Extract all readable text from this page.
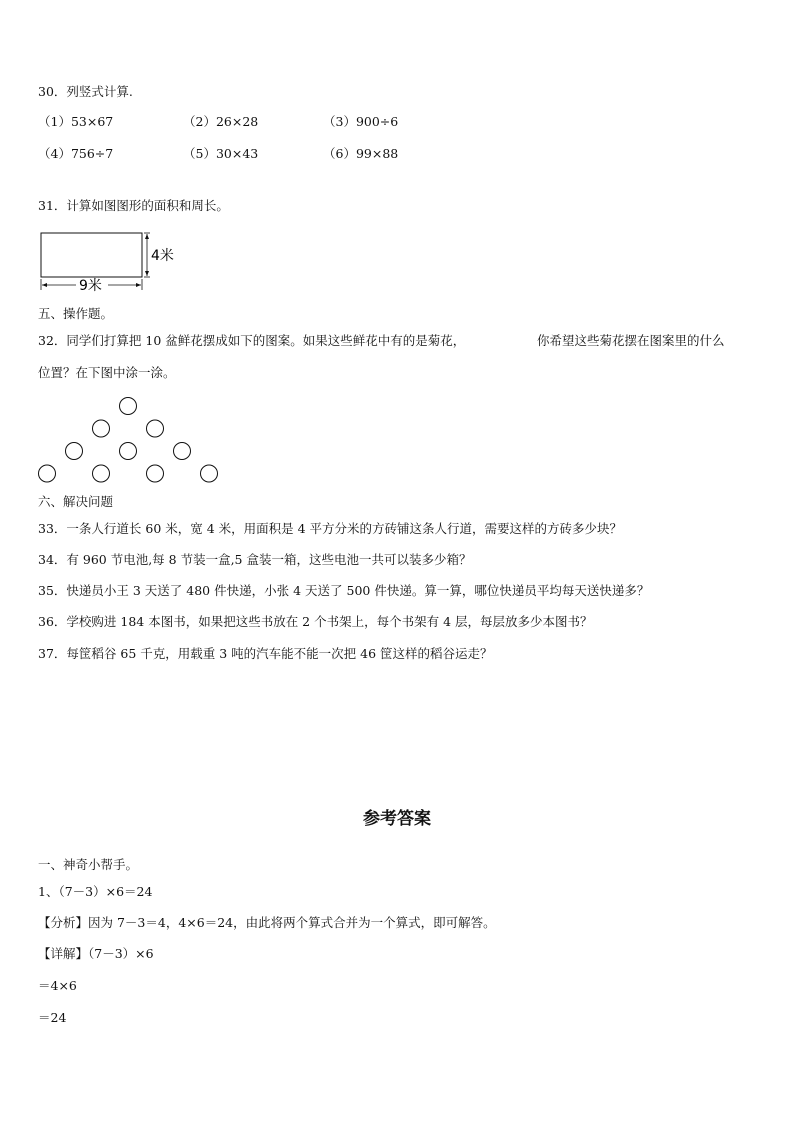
30．列竖式计算.
（1）53×67	（2）26×28	（3）900÷6
（4）756÷7	（5）30×43	（6）99×88
31．计算如图图形的面积和周长。
4米
9米
五、操作题。
32．同学们打算把 10 盆鲜花摆成如下的图案。如果这些鲜花中有的是菊花，	你希望这些菊花摆在图案里的什么
位置？在下图中涂一涂。
六、解决问题
33．一条人行道长 60 米，宽 4 米，用面积是 4 平方分米的方砖铺这条人行道，需要这样的方砖多少块？
34．有 960 节电池,每 8 节装一盒,5 盒装一箱，这些电池一共可以装多少箱？
35．快递员小王 3 天送了 480 件快递，小张 4 天送了 500 件快递。算一算，哪位快递员平均每天送快递多？
36．学校购进 184 本图书，如果把这些书放在 2 个书架上，每个书架有 4 层，每层放多少本图书？
37．每筐稻谷 65 千克，用载重 3 吨的汽车能不能一次把 46 筐这样的稻谷运走？
参考答案
一、神奇小帮手。
1、（7－3）×6＝24
【分析】因为 7－3＝4，4×6＝24，由此将两个算式合并为一个算式，即可解答。
【详解】（7－3）×6
＝4×6
＝24
